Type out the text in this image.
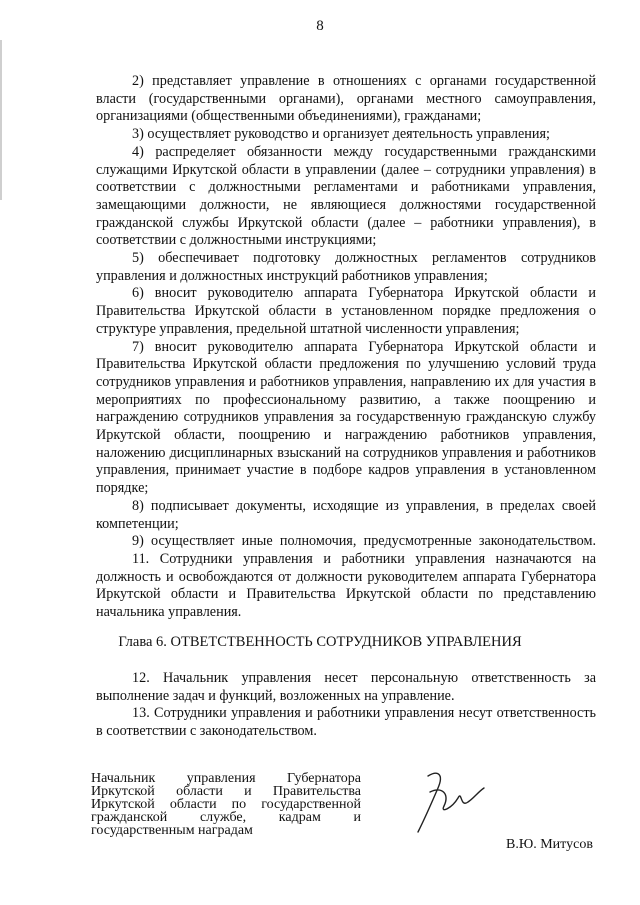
8

2) представляет управление в отношениях с органами государственной власти (государственными органами), органами местного самоуправления, организациями (общественными объединениями), гражданами;

3) осуществляет руководство и организует деятельность управления;

4) распределяет обязанности между государственными гражданскими служащими Иркутской области в управлении (далее – сотрудники управления) в соответствии с должностными регламентами и работниками управления, замещающими должности, не являющиеся должностями государственной гражданской службы Иркутской области (далее – работники управления), в соответствии с должностными инструкциями;

5) обеспечивает подготовку должностных регламентов сотрудников управления и должностных инструкций работников управления;

6) вносит руководителю аппарата Губернатора Иркутской области и Правительства Иркутской области в установленном порядке предложения о структуре управления, предельной штатной численности управления;

7) вносит руководителю аппарата Губернатора Иркутской области и Правительства Иркутской области предложения по улучшению условий труда сотрудников управления и работников управления, направлению их для участия в мероприятиях по профессиональному развитию, а также поощрению и награждению сотрудников управления за государственную гражданскую службу Иркутской области, поощрению и награждению работников управления, наложению дисциплинарных взысканий на сотрудников управления и работников управления, принимает участие в подборе кадров управления в установленном порядке;

8) подписывает документы, исходящие из управления, в пределах своей компетенции;

9) осуществляет иные полномочия, предусмотренные законодательством.

11. Сотрудники управления и работники управления назначаются на должность и освобождаются от должности руководителем аппарата Губернатора Иркутской области и Правительства Иркутской области по представлению начальника управления.

Глава 6. ОТВЕТСТВЕННОСТЬ СОТРУДНИКОВ УПРАВЛЕНИЯ

12. Начальник управления несет персональную ответственность за выполнение задач и функций, возложенных на управление.

13. Сотрудники управления и работники управления несут ответственность в соответствии с законодательством.

Начальник управления Губернатора
Иркутской области и Правительства
Иркутской области по государственной
гражданской службе, кадрам и
государственным наградам
В.Ю. Митусов
